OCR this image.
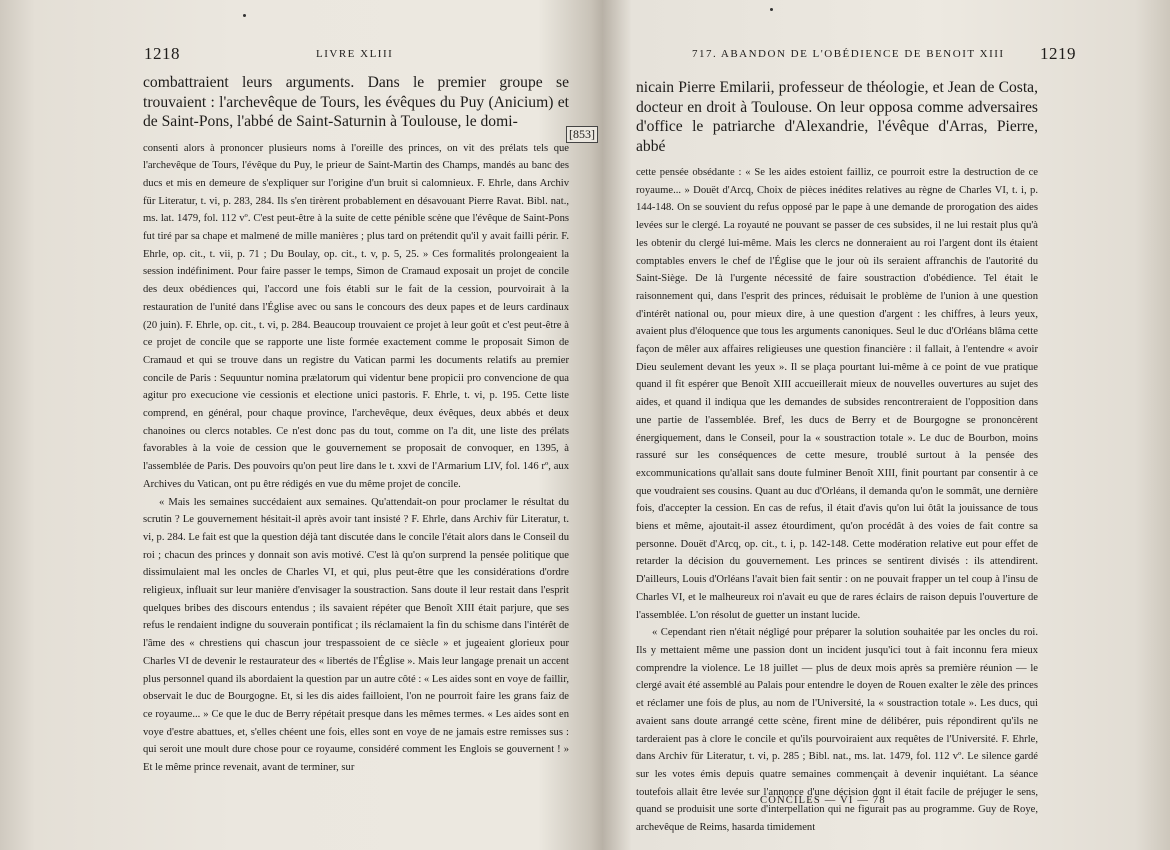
1218	LIVRE XLIII

combattraient leurs arguments. Dans le premier groupe se trouvaient : l'archevêque de Tours, les évêques du Puy (Anicium) et de Saint-Pons, l'abbé de Saint-Saturnin à Toulouse, le domi-

consenti alors à prononcer plusieurs noms à l'oreille des princes, on vit des prélats tels que l'archevêque de Tours, l'évêque du Puy, le prieur de Saint-Martin des Champs, mandés au banc des ducs et mis en demeure de s'expliquer sur l'origine d'un bruit si calomnieux. F. Ehrle, dans Archiv für Literatur, t. vi, p. 283, 284. Ils s'en tirèrent probablement en désavouant Pierre Ravat. Bibl. nat., ms. lat. 1479, fol. 112 vº. C'est peut-être à la suite de cette pénible scène que l'évêque de Saint-Pons fut tiré par sa chape et malmené de mille manières ; plus tard on prétendit qu'il y avait failli périr. F. Ehrle, op. cit., t. vii, p. 71 ; Du Boulay, op. cit., t. v, p. 5, 25. » Ces formalités prolongeaient la session indéfiniment. Pour faire passer le temps, Simon de Cramaud exposait un projet de concile des deux obédiences qui, l'accord une fois établi sur le fait de la cession, pourvoirait à la restauration de l'unité dans l'Église avec ou sans le concours des deux papes et de leurs cardinaux (20 juin). F. Ehrle, op. cit., t. vi, p. 284. Beaucoup trouvaient ce projet à leur goût et c'est peut-être à ce projet de concile que se rapporte une liste formée exactement comme le proposait Simon de Cramaud et qui se trouve dans un registre du Vatican parmi les documents relatifs au premier concile de Paris : Sequuntur nomina prælatorum qui videntur bene propicii pro convencione de qua agitur pro execucione vie cessionis et electione unici pastoris. F. Ehrle, t. vi, p. 195. Cette liste comprend, en général, pour chaque province, l'archevêque, deux évêques, deux abbés et deux chanoines ou clercs notables. Ce n'est donc pas du tout, comme on l'a dit, une liste des prélats favorables à la voie de cession que le gouvernement se proposait de convoquer, en 1395, à l'assemblée de Paris. Des pouvoirs qu'on peut lire dans le t. xxvi de l'Armarium LIV, fol. 146 rº, aux Archives du Vatican, ont pu être rédigés en vue du même projet de concile.

« Mais les semaines succédaient aux semaines. Qu'attendait-on pour proclamer le résultat du scrutin ? Le gouvernement hésitait-il après avoir tant insisté ? F. Ehrle, dans Archiv für Literatur, t. vi, p. 284. Le fait est que la question déjà tant discutée dans le concile l'était alors dans le Conseil du roi ; chacun des princes y donnait son avis motivé. C'est là qu'on surprend la pensée politique que dissimulaient mal les oncles de Charles VI, et qui, plus peut-être que les considérations d'ordre religieux, influait sur leur manière d'envisager la soustraction. Sans doute il leur restait dans l'esprit quelques bribes des discours entendus ; ils savaient répéter que Benoît XIII était parjure, que ses refus le rendaient indigne du souverain pontificat ; ils réclamaient la fin du schisme dans l'intérêt de l'âme des « chrestiens qui chascun jour trespassoient de ce siècle » et jugeaient glorieux pour Charles VI de devenir le restaurateur des « libertés de l'Église ». Mais leur langage prenait un accent plus personnel quand ils abordaient la question par un autre côté : « Les aides sont en voye de faillir, observait le duc de Bourgogne. Et, si les dis aides failloient, l'on ne pourroit faire les grans faiz de ce royaume... » Ce que le duc de Berry répétait presque dans les mêmes termes. « Les aides sont en voye d'estre abattues, et, s'elles chéent une fois, elles sont en voye de ne jamais estre remisses sus : qui seroit une moult dure chose pour ce royaume, considéré comment les Englois se gouvernent ! » Et le même prince revenait, avant de terminer, sur

[853]
717. ABANDON DE L'OBÉDIENCE DE BENOIT XIII 1219

nicain Pierre Emilarii, professeur de théologie, et Jean de Costa, docteur en droit à Toulouse. On leur opposa comme adversaires d'office le patriarche d'Alexandrie, l'évêque d'Arras, Pierre, abbé

cette pensée obsédante : « Se les aides estoient failliz, ce pourroit estre la destruction de ce royaume... » Douët d'Arcq, Choix de pièces inédites relatives au règne de Charles VI, t. i, p. 144-148. On se souvient du refus opposé par le pape à une demande de prorogation des aides levées sur le clergé. La royauté ne pouvant se passer de ces subsides, il ne lui restait plus qu'à les obtenir du clergé lui-même. Mais les clercs ne donneraient au roi l'argent dont ils étaient comptables envers le chef de l'Église que le jour où ils seraient affranchis de l'autorité du Saint-Siège. De là l'urgente nécessité de faire soustraction d'obédience. Tel était le raisonnement qui, dans l'esprit des princes, réduisait le problème de l'union à une question d'intérêt national ou, pour mieux dire, à une question d'argent : les chiffres, à leurs yeux, avaient plus d'éloquence que tous les arguments canoniques. Seul le duc d'Orléans blâma cette façon de mêler aux affaires religieuses une question financière : il fallait, à l'entendre « avoir Dieu seulement devant les yeux ». Il se plaça pourtant lui-même à ce point de vue pratique quand il fit espérer que Benoît XIII accueillerait mieux de nouvelles ouvertures au sujet des aides, et quand il indiqua que les demandes de subsides rencontreraient de l'opposition dans une partie de l'assemblée. Bref, les ducs de Berry et de Bourgogne se prononcèrent énergiquement, dans le Conseil, pour la « soustraction totale ». Le duc de Bourbon, moins rassuré sur les conséquences de cette mesure, troublé surtout à la pensée des excommunications qu'allait sans doute fulminer Benoît XIII, finit pourtant par consentir à ce que voudraient ses cousins. Quant au duc d'Orléans, il demanda qu'on le sommât, une dernière fois, d'accepter la cession. En cas de refus, il était d'avis qu'on lui ôtât la jouissance de tous biens et même, ajoutait-il assez étourdiment, qu'on procédât à des voies de fait contre sa personne. Douët d'Arcq, op. cit., t. i, p. 142-148. Cette modération relative eut pour effet de retarder la décision du gouvernement. Les princes se sentirent divisés : ils attendirent. D'ailleurs, Louis d'Orléans l'avait bien fait sentir : on ne pouvait frapper un tel coup à l'insu de Charles VI, et le malheureux roi n'avait eu que de rares éclairs de raison depuis l'ouverture de l'assemblée. L'on résolut de guetter un instant lucide.

« Cependant rien n'était négligé pour préparer la solution souhaitée par les oncles du roi. Ils y mettaient même une passion dont un incident jusqu'ici tout à fait inconnu fera mieux comprendre la violence. Le 18 juillet — plus de deux mois après sa première réunion — le clergé avait été assemblé au Palais pour entendre le doyen de Rouen exalter le zèle des princes et réclamer une fois de plus, au nom de l'Université, la « soustraction totale ». Les ducs, qui avaient sans doute arrangé cette scène, firent mine de délibérer, puis répondirent qu'ils ne tarderaient pas à clore le concile et qu'ils pourvoiraient aux requêtes de l'Université. F. Ehrle, dans Archiv für Literatur, t. vi, p. 285 ; Bibl. nat., ms. lat. 1479, fol. 112 vº. Le silence gardé sur les votes émis depuis quatre semaines commençait à devenir inquiétant. La séance toutefois allait être levée sur l'annonce d'une décision dont il était facile de préjuger le sens, quand se produisit une sorte d'interpellation qui ne figurait pas au programme. Guy de Roye, archevêque de Reims, hasarda timidement

CONCILES — VI — 78
